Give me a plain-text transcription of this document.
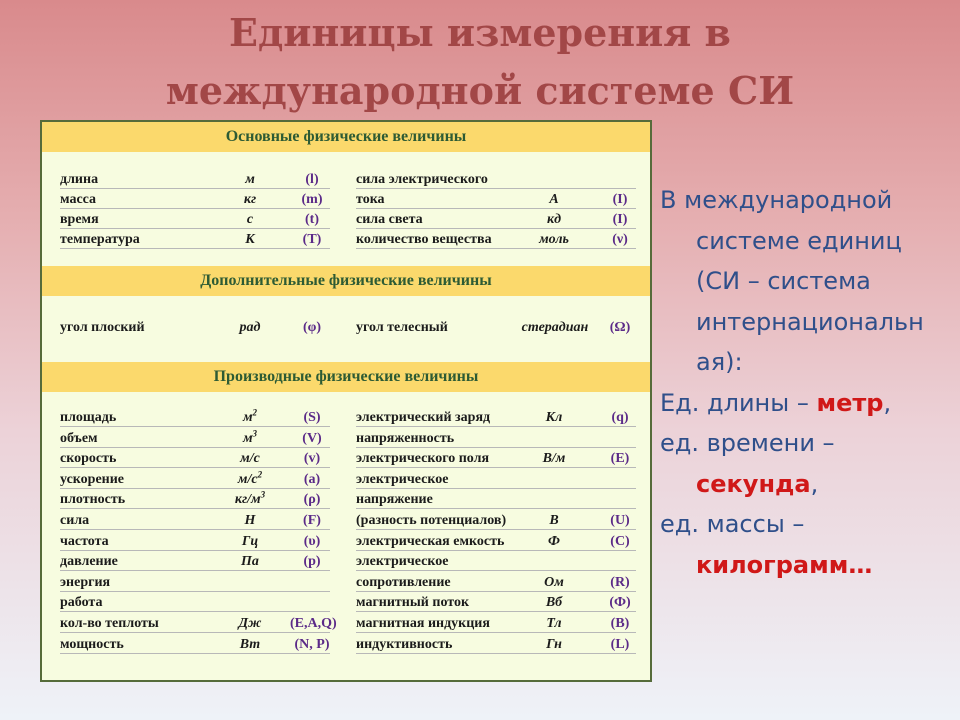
Единицы измерения в
международной системе СИ
Основные физические величины
Дополнительные физические величины
Производные физические величины
длина	м	(l)
масса	кг	(m)
время	с	(t)
температура	К	(T)
сила электрического
тока	А	(I)
сила света	кд	(I)
количество вещества	моль	(ν)
угол плоский	рад	(φ)	угол телесный	стерадиан	(Ω)
площадь	$м^2$	(S)
объем	$м^3$	(V)
скорость	м/с	(v)
ускорение	$м/с^2$	(a)
плотность	$кг/м^3$	(ρ)
сила	Н	(F)
частота	Гц	(υ)
давление	Па	(p)
энергия
работа
кол-во теплоты	Дж	(E,A,Q)
мощность	Вт	(N, P)
электрический заряд	Кл	(q)
напряженность
электрического поля	В/м	(E)
электрическое
напряжение
(разность потенциалов)	В	(U)
электрическая емкость	Ф	(C)
электрическое
сопротивление	Ом	(R)
магнитный поток	Вб	(Ф)
магнитная индукция	Тл	(B)
индуктивность	Гн	(L)

В международной

системе единиц

(СИ – система

интернациональн

ая):

Ед. длины – метр,

ед. времени –

секунда,

ед. массы –

килограмм…
